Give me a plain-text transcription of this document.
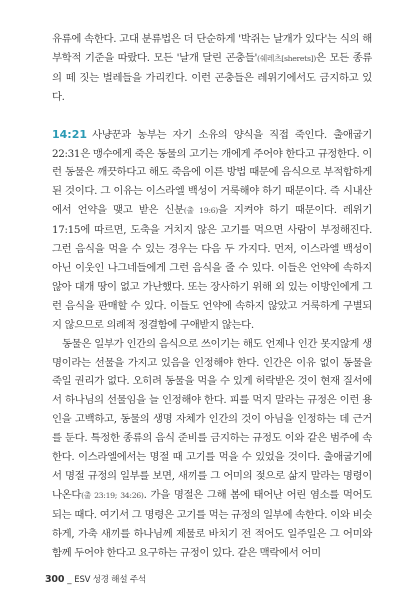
유류에 속한다. 고대 분류법은 더 단순하게 '박쥐는 날개가 있다'는 식의 해부학적 기준을 따랐다. 모든 '날개 달린 곤충들'(쉐레츠[sherets])은 모든 종류의 떼 짓는 벌레들을 가리킨다. 이런 곤충들은 레위기에서도 금지하고 있다.

14:21 사냥꾼과 농부는 자기 소유의 양식을 직접 죽인다. 출애굽기 22:31은 맹수에게 죽은 동물의 고기는 개에게 주어야 한다고 규정한다. 이런 동물은 깨끗하다고 해도 죽음에 이른 방법 때문에 음식으로 부적합하게 된 것이다. 그 이유는 이스라엘 백성이 거룩해야 하기 때문이다. 즉 시내산에서 언약을 맺고 받은 신분(출 19:6)을 지켜야 하기 때문이다. 레위기 17:15에 따르면, 도축을 거치지 않은 고기를 먹으면 사람이 부정해진다. 그런 음식을 먹을 수 있는 경우는 다음 두 가지다. 먼저, 이스라엘 백성이 아닌 이웃인 나그네들에게 그런 음식을 줄 수 있다. 이들은 언약에 속하지 않아 대개 땅이 없고 가난했다. 또는 장사하기 위해 외 있는 이방인에게 그런 음식을 판매할 수 있다. 이들도 언약에 속하지 않았고 거룩하게 구별되지 않으므로 의례적 정결함에 구애받지 않는다.

동물은 일부가 인간의 음식으로 쓰이기는 해도 언제나 인간 못지않게 생명이라는 선물을 가지고 있음을 인정해야 한다. 인간은 이유 없이 동물을 죽일 권리가 없다. 오히려 동물을 먹을 수 있게 허락받은 것이 현재 질서에서 하나님의 선물임을 늘 인정해야 한다. 피를 먹지 말라는 규정은 이런 용인을 고백하고, 동물의 생명 자체가 인간의 것이 아님을 인정하는 데 근거를 둔다. 특정한 종류의 음식 준비를 금지하는 규정도 이와 같은 범주에 속한다. 이스라엘에서는 명절 때 고기를 먹을 수 있었을 것이다. 출애굽기에서 명절 규정의 일부를 보면, 새끼를 그 어미의 젖으로 삶지 말라는 명령이 나온다(출 23:19; 34:26). 가을 명절은 그해 봄에 태어난 어린 염소를 먹어도 되는 때다. 여기서 그 명령은 고기를 먹는 규정의 일부에 속한다. 이와 비슷하게, 가축 새끼를 하나님께 제물로 바치기 전 적어도 일주일은 그 어미와 함께 두어야 한다고 요구하는 규정이 있다. 같은 맥락에서 어미

300 _ ESV 성경 해설 주석
